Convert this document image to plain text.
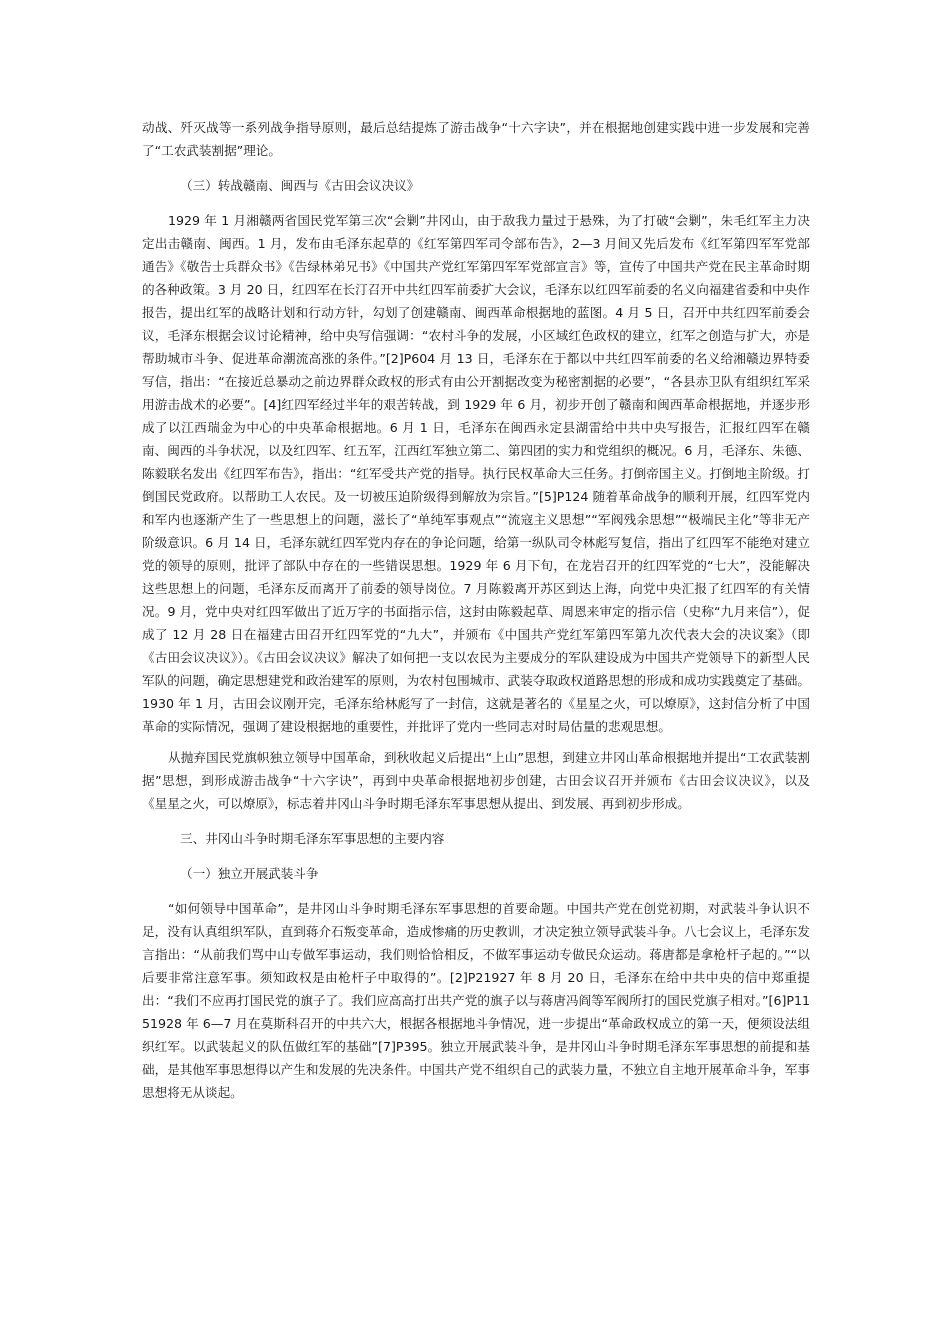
动战、歼灭战等一系列战争指导原则，最后总结提炼了游击战争“十六字诀”，并在根据地创建实践中进一步发展和完善了“工农武装割据”理论。

（三）转战赣南、闽西与《古田会议决议》

1929 年 1 月湘赣两省国民党军第三次“会剿”井冈山，由于敌我力量过于悬殊，为了打破“会剿”，朱毛红军主力决定出击赣南、闽西。1 月，发布由毛泽东起草的《红军第四军司令部布告》，2—3 月间又先后发布《红军第四军军党部通告》《敬告士兵群众书》《告绿林弟兄书》《中国共产党红军第四军军党部宣言》等，宣传了中国共产党在民主革命时期的各种政策。3 月 20 日，红四军在长汀召开中共红四军前委扩大会议，毛泽东以红四军前委的名义向福建省委和中央作报告，提出红军的战略计划和行动方针，勾划了创建赣南、闽西革命根据地的蓝图。4 月 5 日，召开中共红四军前委会议，毛泽东根据会议讨论精神，给中央写信强调：“农村斗争的发展，小区域红色政权的建立，红军之创造与扩大，亦是帮助城市斗争、促进革命潮流高涨的条件。”[2]P604 月 13 日，毛泽东在于都以中共红四军前委的名义给湘赣边界特委写信，指出：“在接近总暴动之前边界群众政权的形式有由公开割据改变为秘密割据的必要”，“各县赤卫队有组织红军采用游击战术的必要”。[4]红四军经过半年的艰苦转战，到 1929 年 6 月，初步开创了赣南和闽西革命根据地，并逐步形成了以江西瑞金为中心的中央革命根据地。6 月 1 日，毛泽东在闽西永定县湖雷给中共中央写报告，汇报红四军在赣南、闽西的斗争状况，以及红四军、红五军，江西红军独立第二、第四团的实力和党组织的概况。6 月，毛泽东、朱德、陈毅联名发出《红四军布告》，指出：“红军受共产党的指导。执行民权革命大三任务。打倒帝国主义。打倒地主阶级。打倒国民党政府。以帮助工人农民。及一切被压迫阶级得到解放为宗旨。”[5]P124 随着革命战争的顺利开展，红四军党内和军内也逐渐产生了一些思想上的问题，滋长了“单纯军事观点”“流寇主义思想”“军阀残余思想”“极端民主化”等非无产阶级意识。6 月 14 日，毛泽东就红四军党内存在的争论问题，给第一纵队司令林彪写复信，指出了红四军不能绝对建立党的领导的原则，批评了部队中存在的一些错误思想。1929 年 6 月下旬，在龙岩召开的红四军党的“七大”，没能解决这些思想上的问题，毛泽东反而离开了前委的领导岗位。7 月陈毅离开苏区到达上海，向党中央汇报了红四军的有关情况。9 月，党中央对红四军做出了近万字的书面指示信，这封由陈毅起草、周恩来审定的指示信（史称“九月来信”），促成了 12 月 28 日在福建古田召开红四军党的“九大”，并颁布《中国共产党红军第四军第九次代表大会的决议案》（即《古田会议决议》）。《古田会议决议》解决了如何把一支以农民为主要成分的军队建设成为中国共产党领导下的新型人民军队的问题，确定思想建党和政治建军的原则，为农村包围城市、武装夺取政权道路思想的形成和成功实践奠定了基础。1930 年 1 月，古田会议刚开完，毛泽东给林彪写了一封信，这就是著名的《星星之火，可以燎原》，这封信分析了中国革命的实际情况，强调了建设根据地的重要性，并批评了党内一些同志对时局估量的悲观思想。

从抛弃国民党旗帜独立领导中国革命，到秋收起义后提出“上山”思想，到建立井冈山革命根据地并提出“工农武装割据”思想，到形成游击战争“十六字诀”，再到中央革命根据地初步创建，古田会议召开并颁布《古田会议决议》，以及《星星之火，可以燎原》，标志着井冈山斗争时期毛泽东军事思想从提出、到发展、再到初步形成。

三、井冈山斗争时期毛泽东军事思想的主要内容

（一）独立开展武装斗争

“如何领导中国革命”，是井冈山斗争时期毛泽东军事思想的首要命题。中国共产党在创党初期，对武装斗争认识不足，没有认真组织军队，直到蒋介石叛变革命，造成惨痛的历史教训，才决定独立领导武装斗争。八七会议上，毛泽东发言指出：“从前我们骂中山专做军事运动，我们则恰恰相反，不做军事运动专做民众运动。蒋唐都是拿枪杆子起的。”“以后要非常注意军事。须知政权是由枪杆子中取得的”。[2]P21927 年 8 月 20 日，毛泽东在给中共中央的信中郑重提出：“我们不应再打国民党的旗子了。我们应高高打出共产党的旗子以与蒋唐冯阎等军阀所打的国民党旗子相对。”[6]P1151928 年 6—7 月在莫斯科召开的中共六大，根据各根据地斗争情况，进一步提出“革命政权成立的第一天，便须设法组织红军。以武装起义的队伍做红军的基础”[7]P395。独立开展武装斗争，是井冈山斗争时期毛泽东军事思想的前提和基础，是其他军事思想得以产生和发展的先决条件。中国共产党不组织自己的武装力量，不独立自主地开展革命斗争，军事思想将无从谈起。
